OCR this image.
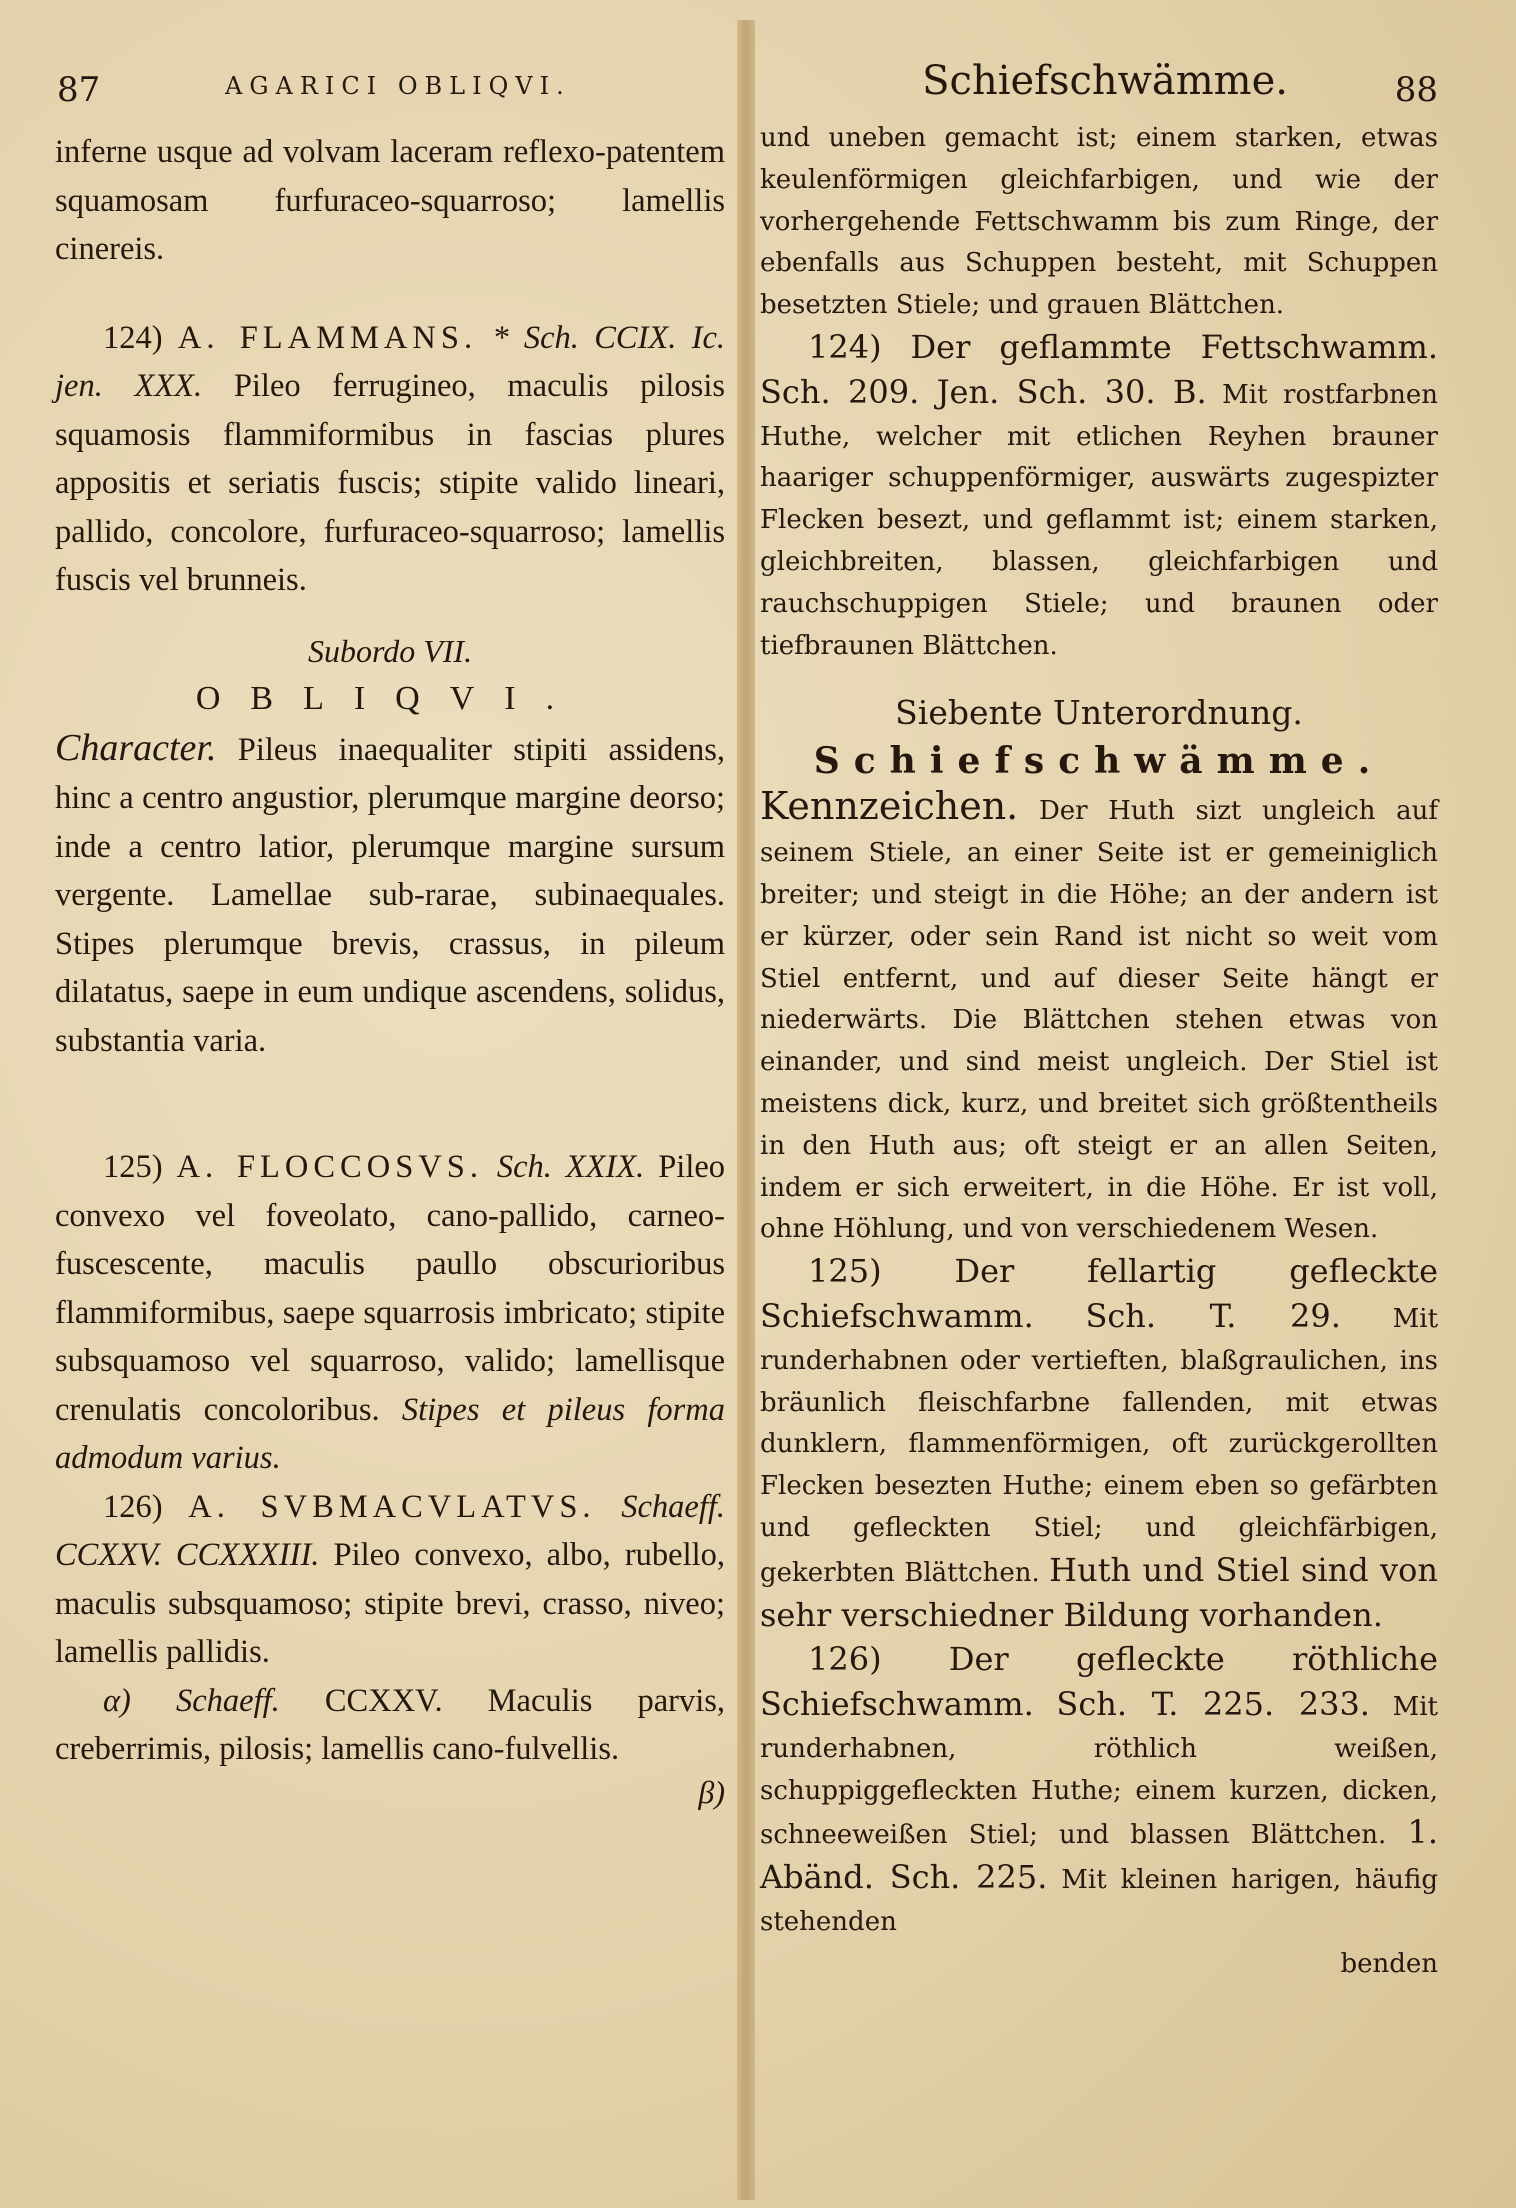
87	AGARICI OBLIQVI.

inferne usque ad volvam laceram reflexo-patentem squamosam furfuraceo-squarroso; lamellis cinereis.

124) A. FLAMMANS. * Sch. CCIX. Ic. jen. XXX. Pileo ferrugineo, maculis pilosis squamosis flammiformibus in fascias plures appositis et seriatis fuscis; stipite valido lineari, pallido, concolore, furfuraceo-squarroso; lamellis fuscis vel brunneis.

Subordo VII.
OBLIQVI.

Character. Pileus inaequaliter stipiti assidens, hinc a centro angustior, plerumque margine deorso; inde a centro latior, plerumque margine sursum vergente. Lamellae sub-rarae, subinaequales. Stipes plerumque brevis, crassus, in pileum dilatatus, saepe in eum undique ascendens, solidus, substantia varia.

125) A. FLOCCOSVS. Sch. XXIX. Pileo convexo vel foveolato, cano-pallido, carneo-fuscescente, maculis paullo obscurioribus flammiformibus, saepe squarrosis imbricato; stipite subsquamoso vel squarroso, valido; lamellisque crenulatis concoloribus. Stipes et pileus forma admodum varius.

126) A. SVBMACVLATVS. Schaeff. CCXXV. CCXXXIII. Pileo convexo, albo, rubello, maculis subsquamoso; stipite brevi, crasso, niveo; lamellis pallidis.

α) Schaeff. CCXXV. Maculis parvis, creberrimis, pilosis; lamellis cano-fulvellis.

β)

Schiefschwämme.	88

und uneben gemacht ist; einem starken, etwas keulenförmigen gleichfarbigen, und wie der vorhergehende Fettschwamm bis zum Ringe, der ebenfalls aus Schuppen besteht, mit Schuppen besetzten Stiele; und grauen Blättchen.

124) Der geflammte Fettschwamm. Sch. 209. Jen. Sch. 30. B. Mit rostfarbnen Huthe, welcher mit etlichen Reyhen brauner haariger schuppenförmiger, auswärts zugespizter Flecken besezt, und geflammt ist; einem starken, gleichbreiten, blassen, gleichfarbigen und rauchschuppigen Stiele; und braunen oder tiefbraunen Blättchen.

Siebente Unterordnung.
Schiefschwämme.

Kennzeichen. Der Huth sizt ungleich auf seinem Stiele, an einer Seite ist er gemeiniglich breiter; und steigt in die Höhe; an der andern ist er kürzer, oder sein Rand ist nicht so weit vom Stiel entfernt, und auf dieser Seite hängt er niederwärts. Die Blättchen stehen etwas von einander, und sind meist ungleich. Der Stiel ist meistens dick, kurz, und breitet sich größtentheils in den Huth aus; oft steigt er an allen Seiten, indem er sich erweitert, in die Höhe. Er ist voll, ohne Höhlung, und von verschiedenem Wesen.

125) Der fellartig gefleckte Schiefschwamm. Sch. T. 29. Mit runderhabnen oder vertieften, blaßgraulichen, ins bräunlich fleischfarbne fallenden, mit etwas dunklern, flammenförmigen, oft zurückgerollten Flecken besezten Huthe; einem eben so gefärbten und gefleckten Stiel; und gleichfärbigen, gekerbten Blättchen. Huth und Stiel sind von sehr verschiedner Bildung vorhanden.

126) Der gefleckte röthliche Schiefschwamm. Sch. T. 225. 233. Mit runderhabnen, röthlich weißen, schuppiggefleckten Huthe; einem kurzen, dicken, schneeweißen Stiel; und blassen Blättchen. 1. Abänd. Sch. 225. Mit kleinen harigen, häufig stehenden

benden
